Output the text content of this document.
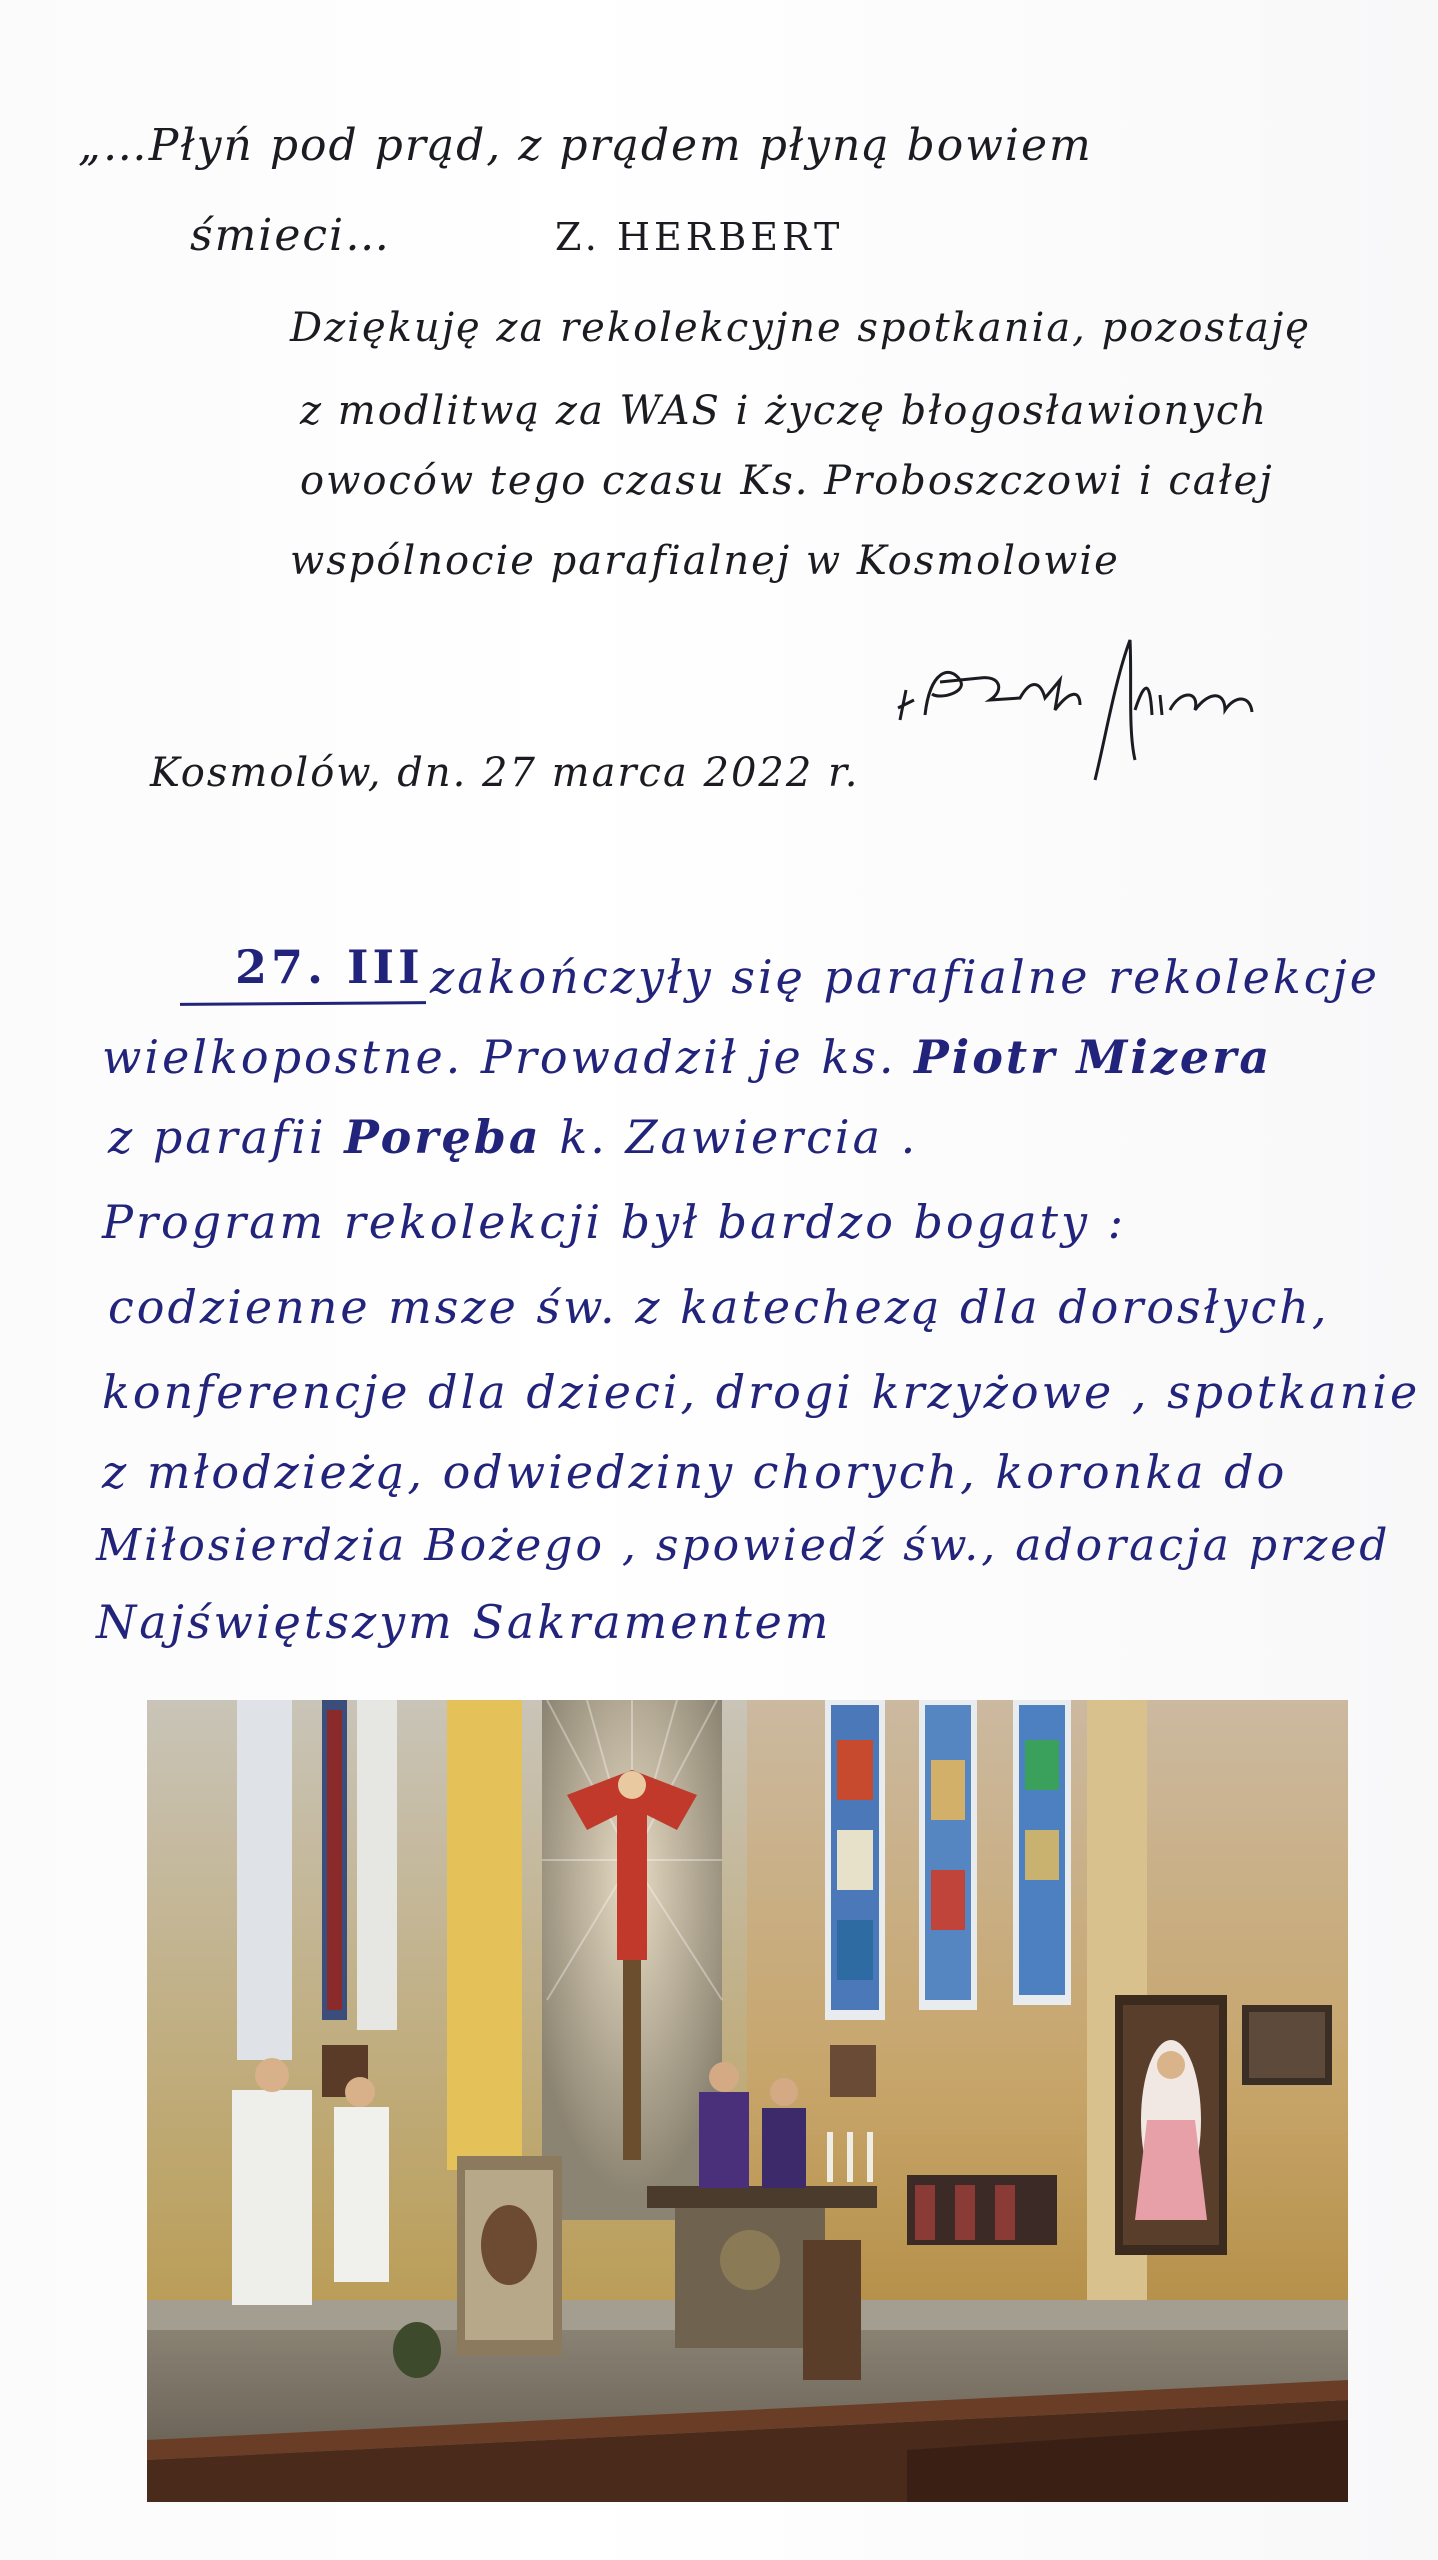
„…Płyń pod prąd, z prądem płyną bowiem
śmieci…	Z. HERBERT
Dziękuję za rekolekcyjne spotkania, pozostaję
z modlitwą za WAS i życzę błogosławionych
owoców tego czasu Ks. Proboszczowi i całej
wspólnocie parafialnej w Kosmolowie
Kosmolów, dn. 27 marca 2022 r.
27. III zakończyły się parafialne rekolekcje
wielkopostne. Prowadził je ks. Piotr Mizera
z parafii Poręba k. Zawiercia .
Program rekolekcji był bardzo bogaty :
codzienne msze św. z katechezą dla dorosłych,
konferencje dla dzieci, drogi krzyżowe , spotkanie
z młodzieżą, odwiedziny chorych, koronka do
Miłosierdzia Bożego , spowiedź św., adoracja przed
Najświętszym Sakramentem
